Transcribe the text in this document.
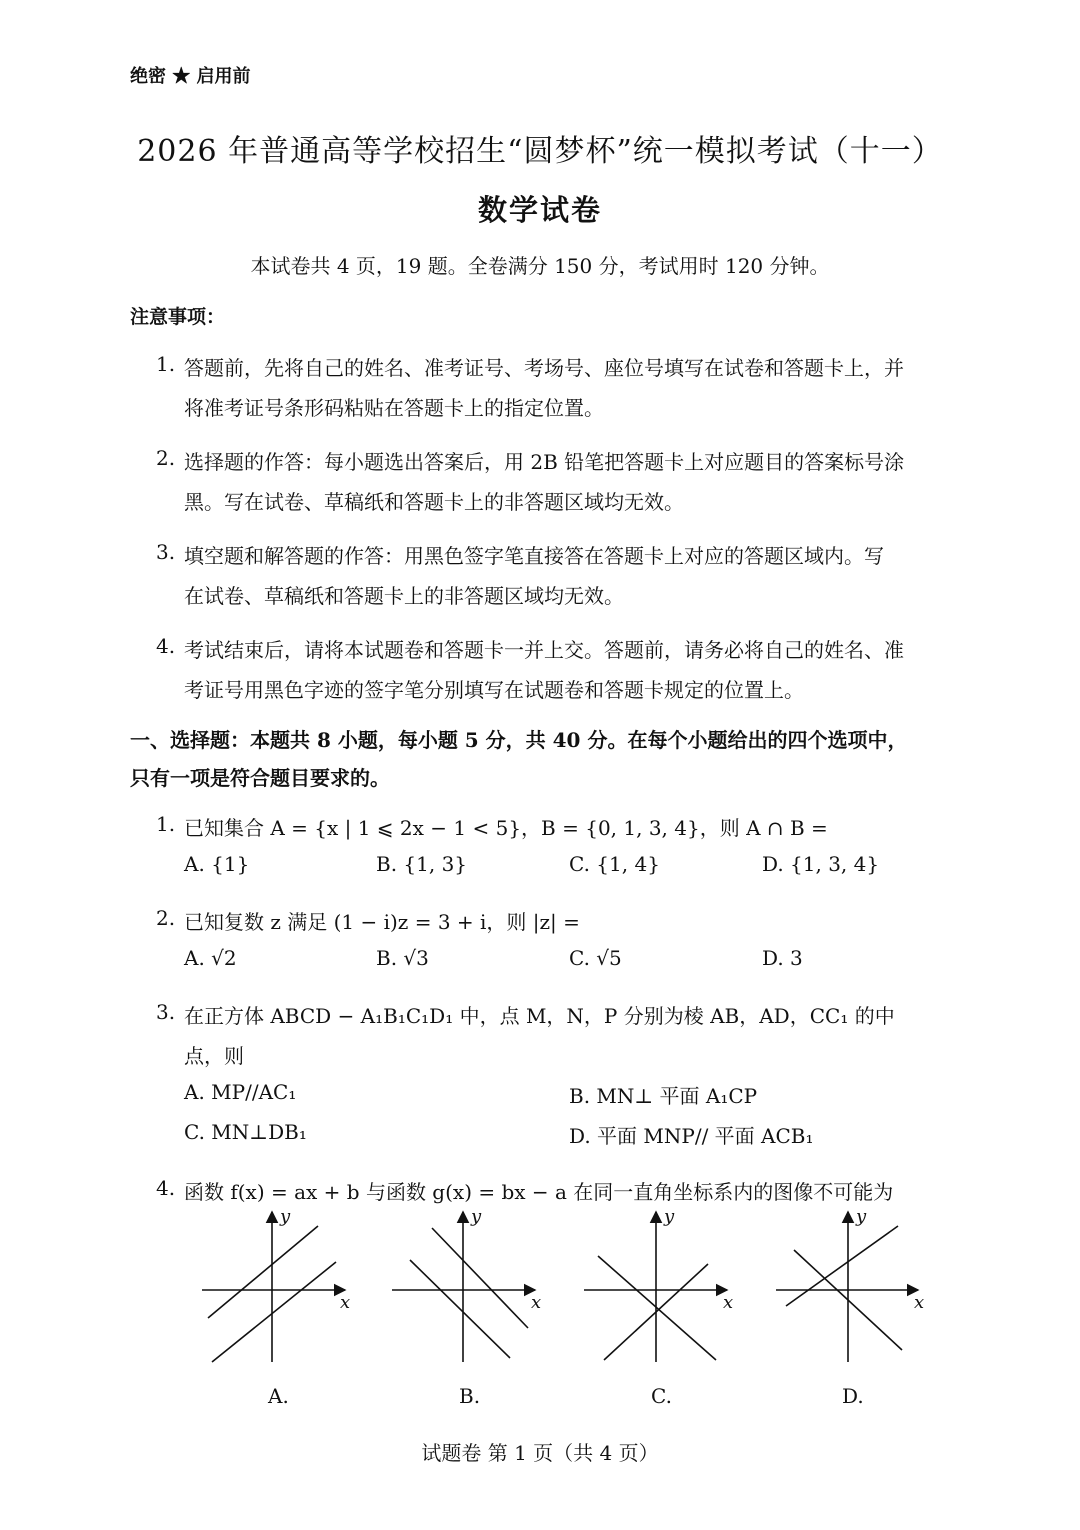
绝密 ★ 启用前
2026 年普通高等学校招生“圆梦杯”统一模拟考试（十一）
数学试卷
本试卷共 4 页，19 题。全卷满分 150 分，考试用时 120 分钟。
注意事项：
1. 答题前，先将自己的姓名、准考证号、考场号、座位号填写在试卷和答题卡上，并
将准考证号条形码粘贴在答题卡上的指定位置。
2. 选择题的作答：每小题选出答案后，用 2B 铅笔把答题卡上对应题目的答案标号涂
黑。写在试卷、草稿纸和答题卡上的非答题区域均无效。
3. 填空题和解答题的作答：用黑色签字笔直接答在答题卡上对应的答题区域内。写
在试卷、草稿纸和答题卡上的非答题区域均无效。
4. 考试结束后，请将本试题卷和答题卡一并上交。答题前，请务必将自己的姓名、准
考证号用黑色字迹的签字笔分别填写在试题卷和答题卡规定的位置上。
一、选择题：本题共 8 小题，每小题 5 分，共 40 分。在每个小题给出的四个选项中，
只有一项是符合题目要求的。
1. 已知集合 A = {x | 1 ⩽ 2x − 1 < 5}，B = {0, 1, 3, 4}，则 A ∩ B =
A. {1}	B. {1, 3}	C. {1, 4}	D. {1, 3, 4}
2. 已知复数 z 满足 (1 − i)z = 3 + i，则 |z| =
A. √2	B. √3	C. √5	D. 3
3. 在正方体 ABCD − A₁B₁C₁D₁ 中，点 M，N，P 分别为棱 AB，AD，CC₁ 的中
点，则
A. MP//AC₁	B. MN⊥ 平面 A₁CP
C. MN⊥DB₁	D. 平面 MNP// 平面 ACB₁
4. 函数 f(x) = ax + b 与函数 g(x) = bx − a 在同一直角坐标系内的图像不可能为
x
y
x
y
x
y
x
y
A.	B.	C.	D.
试题卷 第 1 页（共 4 页）
